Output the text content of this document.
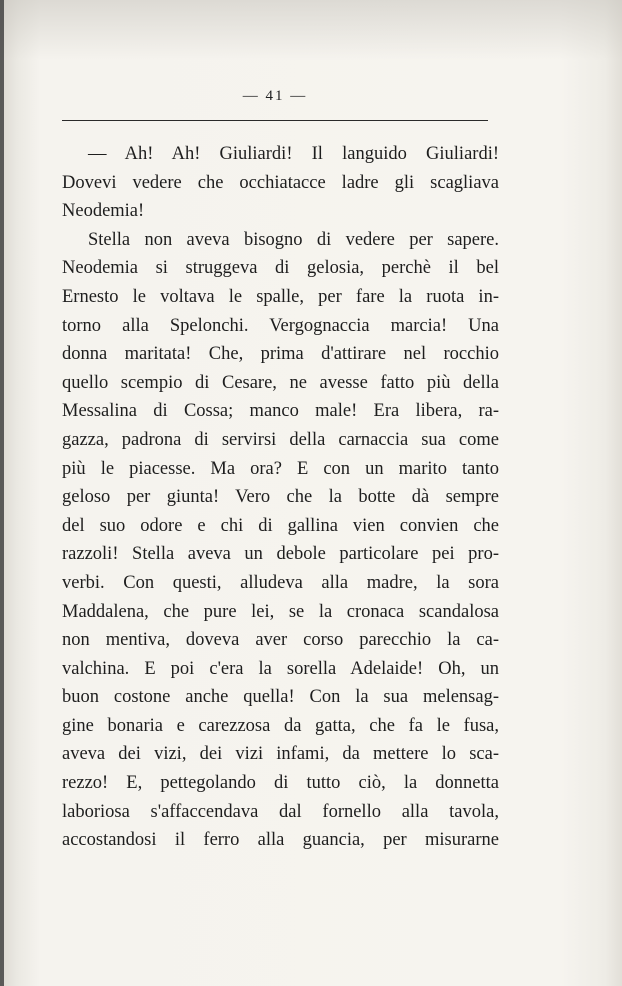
— 41 —
— Ah! Ah! Giuliardi! Il languido Giuliardi!
Dovevi vedere che occhiatacce ladre gli scagliava
Neodemia!
Stella non aveva bisogno di vedere per sapere.
Neodemia si struggeva di gelosia, perchè il bel
Ernesto le voltava le spalle, per fare la ruota in-
torno alla Spelonchi. Vergognaccia marcia! Una
donna maritata! Che, prima d'attirare nel rocchio
quello scempio di Cesare, ne avesse fatto più della
Messalina di Cossa; manco male! Era libera, ra-
gazza, padrona di servirsi della carnaccia sua come
più le piacesse. Ma ora? E con un marito tanto
geloso per giunta! Vero che la botte dà sempre
del suo odore e chi di gallina vien convien che
razzoli! Stella aveva un debole particolare pei pro-
verbi. Con questi, alludeva alla madre, la sora
Maddalena, che pure lei, se la cronaca scandalosa
non mentiva, doveva aver corso parecchio la ca-
valchina. E poi c'era la sorella Adelaide! Oh, un
buon costone anche quella! Con la sua melensag-
gine bonaria e carezzosa da gatta, che fa le fusa,
aveva dei vizi, dei vizi infami, da mettere lo sca-
rezzo! E, pettegolando di tutto ciò, la donnetta
laboriosa s'affaccendava dal fornello alla tavola,
accostandosi il ferro alla guancia, per misurarne
